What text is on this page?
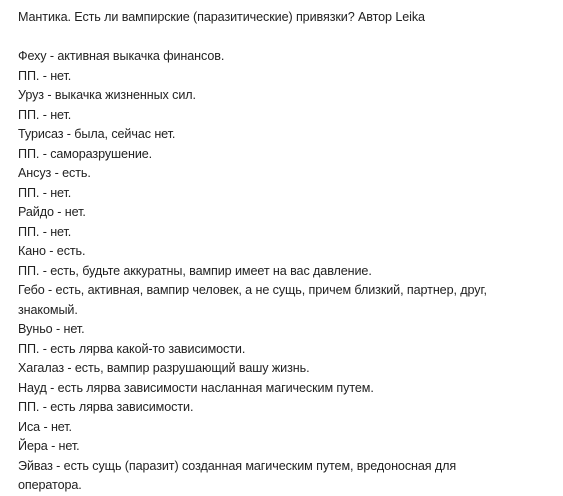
Мантика. Есть ли вампирские (паразитические) привязки? Автор Leika
Феху - активная выкачка финансов.
ПП. - нет.
Уруз - выкачка жизненных сил.
ПП. - нет.
Турисаз - была, сейчас нет.
ПП. - саморазрушение.
Ансуз - есть.
ПП. - нет.
Райдо - нет.
ПП. - нет.
Кано - есть.
ПП. - есть, будьте аккуратны, вампир имеет на вас давление.
Гебо - есть, активная, вампир человек, а не сущь, причем близкий, партнер, друг,
знакомый.
Вуньо - нет.
ПП. - есть лярва какой-то зависимости.
Хагалаз - есть, вампир разрушающий вашу жизнь.
Науд - есть лярва зависимости насланная магическим путем.
ПП. - есть лярва зависимости.
Иса - нет.
Йера - нет.
Эйваз - есть сущь (паразит) созданная магическим путем, вредоносная для
оператора.
